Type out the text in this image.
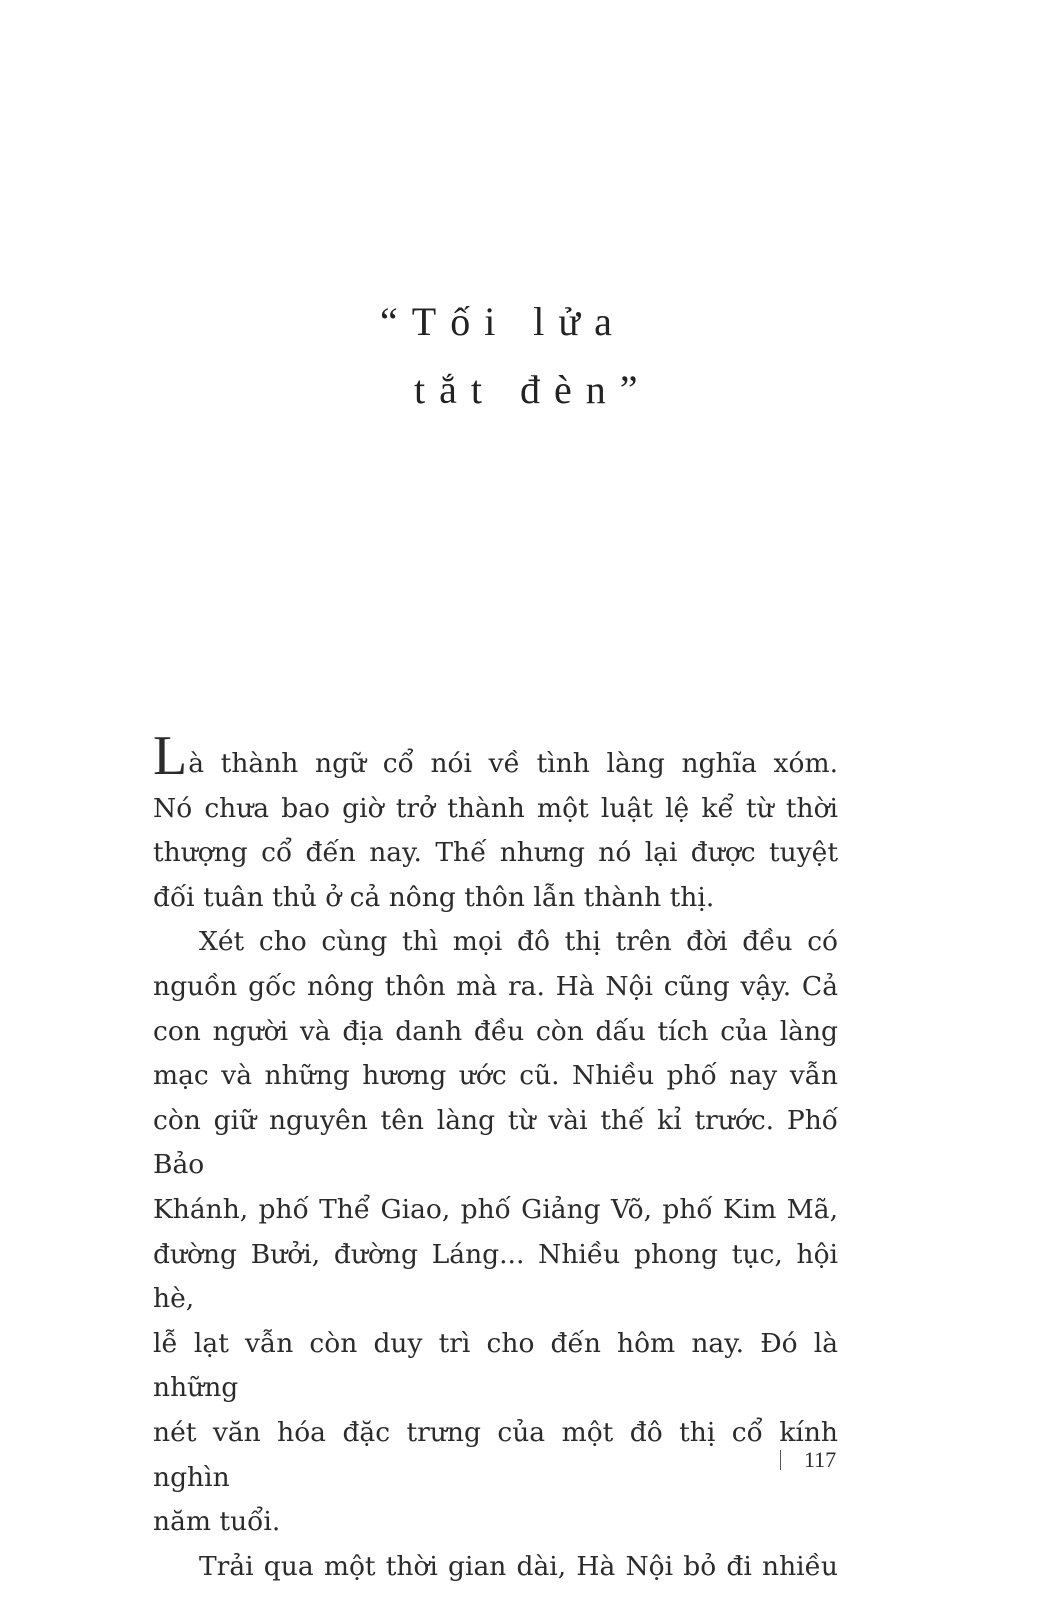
“Tối lửa
tắt đèn”

Là thành ngữ cổ nói về tình làng nghĩa xóm.
Nó chưa bao giờ trở thành một luật lệ kể từ thời
thượng cổ đến nay. Thế nhưng nó lại được tuyệt
đối tuân thủ ở cả nông thôn lẫn thành thị.

Xét cho cùng thì mọi đô thị trên đời đều có
nguồn gốc nông thôn mà ra. Hà Nội cũng vậy. Cả
con người và địa danh đều còn dấu tích của làng
mạc và những hương ước cũ. Nhiều phố nay vẫn
còn giữ nguyên tên làng từ vài thế kỉ trước. Phố Bảo
Khánh, phố Thể Giao, phố Giảng Võ, phố Kim Mã,
đường Bưởi, đường Láng... Nhiều phong tục, hội hè,
lễ lạt vẫn còn duy trì cho đến hôm nay. Đó là những
nét văn hóa đặc trưng của một đô thị cổ kính nghìn
năm tuổi.

Trải qua một thời gian dài, Hà Nội bỏ đi nhiều

117
